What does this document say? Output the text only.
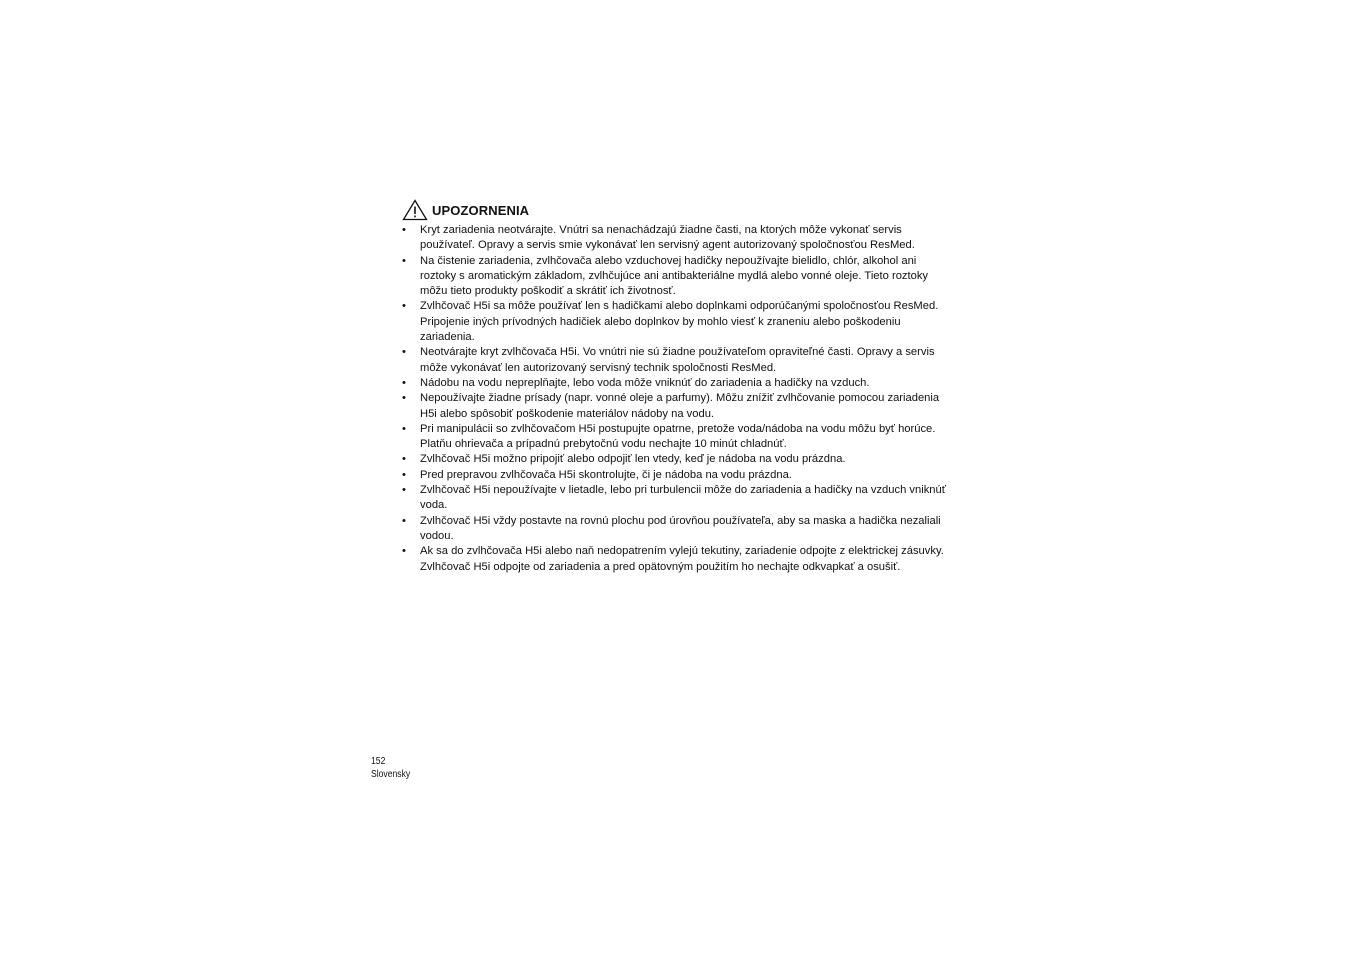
UPOZORNENIA
• Kryt zariadenia neotvárajte. Vnútri sa nenachádzajú žiadne časti, na ktorých môže vykonať servis používateľ. Opravy a servis smie vykonávať len servisný agent autorizovaný spoločnosťou ResMed.
• Na čistenie zariadenia, zvlhčovača alebo vzduchovej hadičky nepoužívajte bielidlo, chlór, alkohol ani roztoky s aromatickým základom, zvlhčujúce ani antibakteriálne mydlá alebo vonné oleje. Tieto roztoky môžu tieto produkty poškodiť a skrátiť ich životnosť.
• Zvlhčovač H5i sa môže používať len s hadičkami alebo doplnkami odporúčanými spoločnosťou ResMed. Pripojenie iných prívodných hadičiek alebo doplnkov by mohlo viesť k zraneniu alebo poškodeniu zariadenia.
• Neotvárajte kryt zvlhčovača H5i. Vo vnútri nie sú žiadne používateľom opraviteľné časti. Opravy a servis môže vykonávať len autorizovaný servisný technik spoločnosti ResMed.
• Nádobu na vodu nepreplňajte, lebo voda môže vniknúť do zariadenia a hadičky na vzduch.
• Nepoužívajte žiadne prísady (napr. vonné oleje a parfumy). Môžu znížiť zvlhčovanie pomocou zariadenia H5i alebo spôsobiť poškodenie materiálov nádoby na vodu.
• Pri manipulácii so zvlhčovačom H5i postupujte opatrne, pretože voda/nádoba na vodu môžu byť horúce. Platňu ohrievača a prípadnú prebytočnú vodu nechajte 10 minút chladnúť.
• Zvlhčovač H5i možno pripojiť alebo odpojiť len vtedy, keď je nádoba na vodu prázdna.
• Pred prepravou zvlhčovača H5i skontrolujte, či je nádoba na vodu prázdna.
• Zvlhčovač H5i nepoužívajte v lietadle, lebo pri turbulencii môže do zariadenia a hadičky na vzduch vniknúť voda.
• Zvlhčovač H5i vždy postavte na rovnú plochu pod úrovňou používateľa, aby sa maska a hadička nezaliali vodou.
• Ak sa do zvlhčovača H5i alebo naň nedopatrením vylejú tekutiny, zariadenie odpojte z elektrickej zásuvky. Zvlhčovač H5i odpojte od zariadenia a pred opätovným použitím ho nechajte odkvapkať a osušiť.
152
Slovensky
